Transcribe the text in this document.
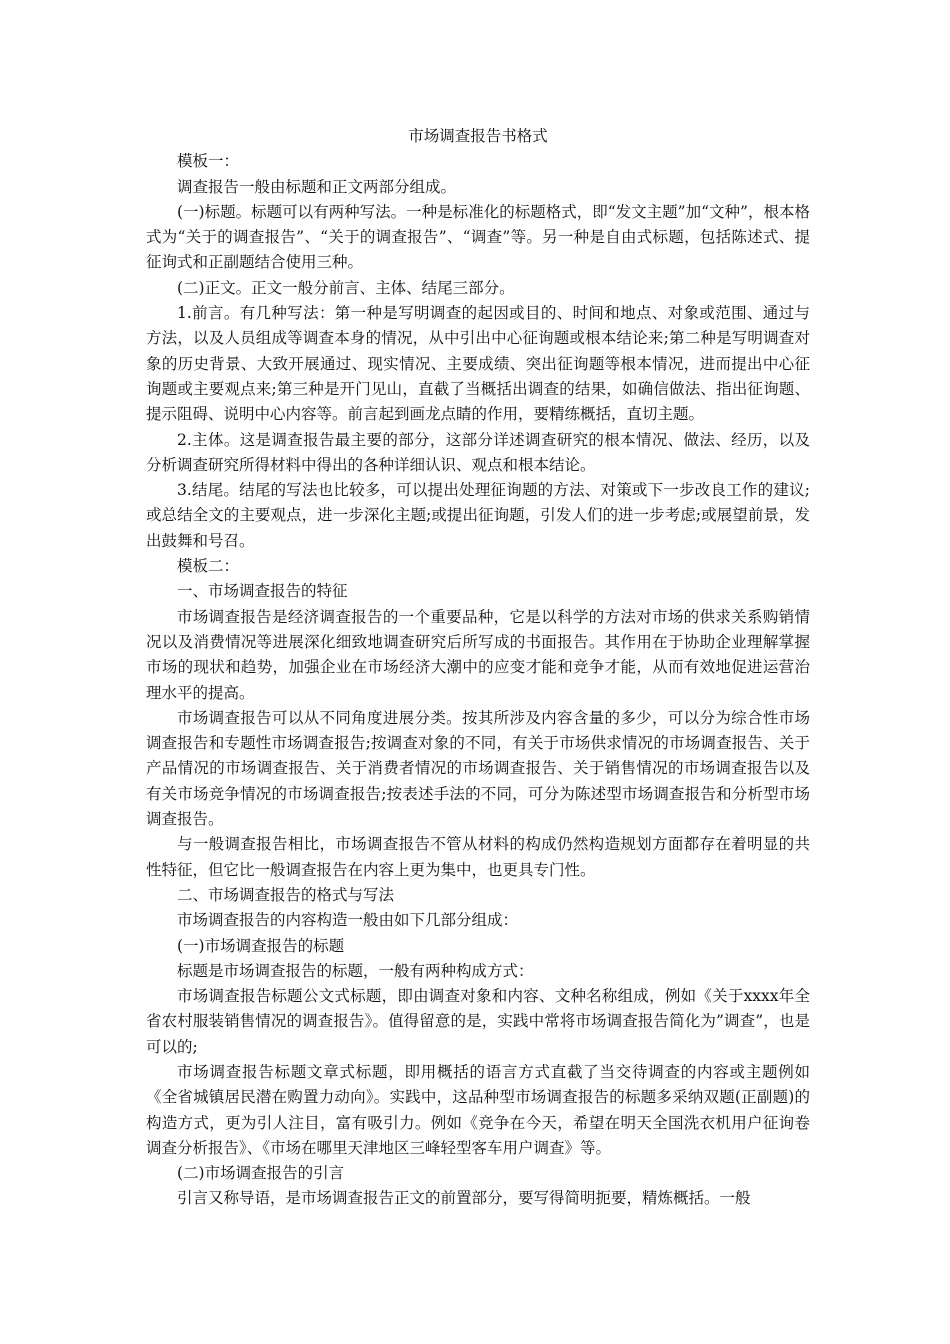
市场调查报告书格式

模板一：

调查报告一般由标题和正文两部分组成。

(一)标题。标题可以有两种写法。一种是标准化的标题格式，即“发文主题”加“文种”，根本格式为“关于的调查报告”、“关于的调查报告”、“调查”等。另一种是自由式标题，包括陈述式、提征询式和正副题结合使用三种。

(二)正文。正文一般分前言、主体、结尾三部分。

1.前言。有几种写法：第一种是写明调查的起因或目的、时间和地点、对象或范围、通过与方法，以及人员组成等调查本身的情况，从中引出中心征询题或根本结论来;第二种是写明调查对象的历史背景、大致开展通过、现实情况、主要成绩、突出征询题等根本情况，进而提出中心征询题或主要观点来;第三种是开门见山，直截了当概括出调查的结果，如确信做法、指出征询题、提示阻碍、说明中心内容等。前言起到画龙点睛的作用，要精练概括，直切主题。

2.主体。这是调查报告最主要的部分，这部分详述调查研究的根本情况、做法、经历，以及分析调查研究所得材料中得出的各种详细认识、观点和根本结论。

3.结尾。结尾的写法也比较多，可以提出处理征询题的方法、对策或下一步改良工作的建议;或总结全文的主要观点，进一步深化主题;或提出征询题，引发人们的进一步考虑;或展望前景，发出鼓舞和号召。

模板二：

一、市场调查报告的特征

市场调查报告是经济调查报告的一个重要品种，它是以科学的方法对市场的供求关系购销情况以及消费情况等进展深化细致地调查研究后所写成的书面报告。其作用在于协助企业理解掌握市场的现状和趋势，加强企业在市场经济大潮中的应变才能和竞争才能，从而有效地促进运营治理水平的提高。

市场调查报告可以从不同角度进展分类。按其所涉及内容含量的多少，可以分为综合性市场调查报告和专题性市场调查报告;按调查对象的不同，有关于市场供求情况的市场调查报告、关于产品情况的市场调查报告、关于消费者情况的市场调查报告、关于销售情况的市场调查报告以及有关市场竞争情况的市场调查报告;按表述手法的不同，可分为陈述型市场调查报告和分析型市场调查报告。

与一般调查报告相比，市场调查报告不管从材料的构成仍然构造规划方面都存在着明显的共性特征，但它比一般调查报告在内容上更为集中，也更具专门性。

二、市场调查报告的格式与写法

市场调查报告的内容构造一般由如下几部分组成：

(一)市场调查报告的标题

标题是市场调查报告的标题，一般有两种构成方式：

市场调查报告标题公文式标题，即由调查对象和内容、文种名称组成，例如《关于xxxx年全省农村服装销售情况的调查报告》。值得留意的是，实践中常将市场调查报告简化为”调查”，也是可以的;

市场调查报告标题文章式标题，即用概括的语言方式直截了当交待调查的内容或主题例如《全省城镇居民潜在购置力动向》。实践中，这品种型市场调查报告的标题多采纳双题(正副题)的构造方式，更为引人注目，富有吸引力。例如《竞争在今天，希望在明天全国洗衣机用户征询卷调查分析报告》、《市场在哪里天津地区三峰轻型客车用户调查》等。

(二)市场调查报告的引言

引言又称导语，是市场调查报告正文的前置部分，要写得简明扼要，精炼概括。一般
